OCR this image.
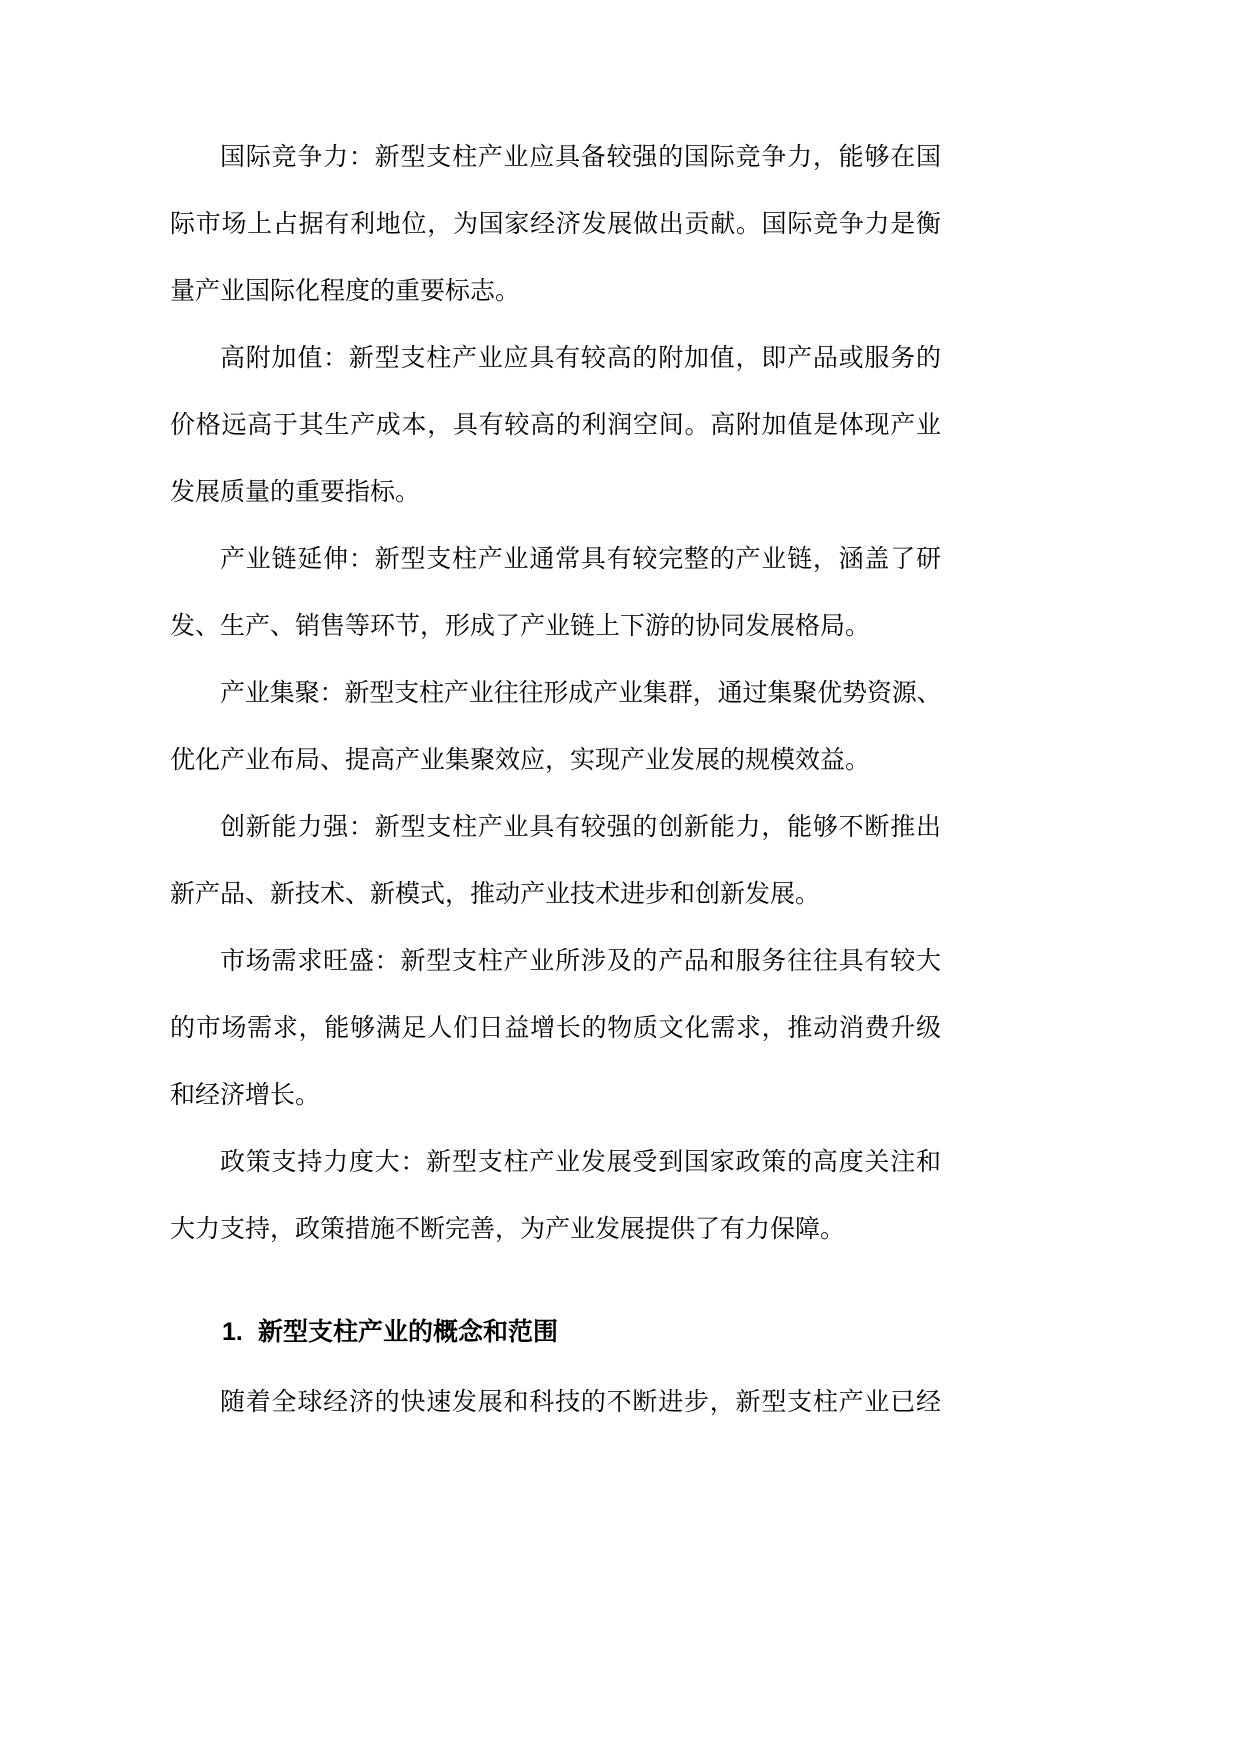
国际竞争力：新型支柱产业应具备较强的国际竞争力，能够在国
际市场上占据有利地位，为国家经济发展做出贡献。国际竞争力是衡
量产业国际化程度的重要标志。
高附加值：新型支柱产业应具有较高的附加值，即产品或服务的
价格远高于其生产成本，具有较高的利润空间。高附加值是体现产业
发展质量的重要指标。
产业链延伸：新型支柱产业通常具有较完整的产业链，涵盖了研
发、生产、销售等环节，形成了产业链上下游的协同发展格局。
产业集聚：新型支柱产业往往形成产业集群，通过集聚优势资源、
优化产业布局、提高产业集聚效应，实现产业发展的规模效益。
创新能力强：新型支柱产业具有较强的创新能力，能够不断推出
新产品、新技术、新模式，推动产业技术进步和创新发展。
市场需求旺盛：新型支柱产业所涉及的产品和服务往往具有较大
的市场需求，能够满足人们日益增长的物质文化需求，推动消费升级
和经济增长。
政策支持力度大：新型支柱产业发展受到国家政策的高度关注和
大力支持，政策措施不断完善，为产业发展提供了有力保障。
1. 新型支柱产业的概念和范围
随着全球经济的快速发展和科技的不断进步，新型支柱产业已经
